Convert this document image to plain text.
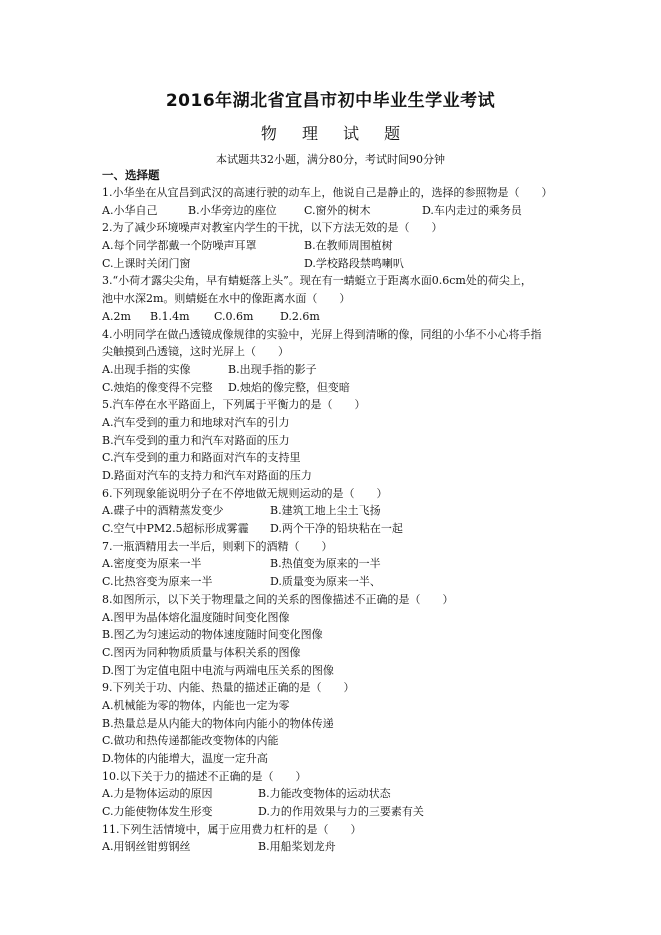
2016年湖北省宜昌市初中毕业生学业考试
物 理 试 题
本试题共32小题，满分80分，考试时间90分钟
一、选择题
1.小华坐在从宜昌到武汉的高速行驶的动车上，他说自己是静止的，选择的参照物是（　　）
A.小华自己	B.小华旁边的座位 C.窗外的树木	D.车内走过的乘务员
2.为了减少环境噪声对教室内学生的干扰，以下方法无效的是（　　）
A.每个同学都戴一个防噪声耳罩	B.在教师周围植树
C.上课时关闭门窗	D.学校路段禁鸣喇叭
3.“小荷才露尖尖角，早有蜻蜓落上头”。现在有一蜻蜓立于距离水面0.6cm处的荷尖上，
池中水深2m。则蜻蜓在水中的像距离水面（　　）
A.2m B.1.4m C.0.6m D.2.6m
4.小明同学在做凸透镜成像规律的实验中，光屏上得到清晰的像，同组的小华不小心将手指
尖触摸到凸透镜，这时光屏上（　　）
A.出现手指的实像	B.出现手指的影子
C.烛焰的像变得不完整 D.烛焰的像完整，但变暗
5.汽车停在水平路面上，下列属于平衡力的是（　　）
A.汽车受到的重力和地球对汽车的引力
B.汽车受到的重力和汽车对路面的压力
C.汽车受到的重力和路面对汽车的支持里
D.路面对汽车的支持力和汽车对路面的压力
6.下列现象能说明分子在不停地做无规则运动的是（　　）
A.碟子中的酒精蒸发变少	B.建筑工地上尘土飞扬
C.空气中PM2.5超标形成雾霾 D.两个干净的铅块粘在一起
7.一瓶酒精用去一半后，则剩下的酒精（　　）
A.密度变为原来一半	B.热值变为原来的一半
C.比热容变为原来一半	D.质量变为原来一半、
8.如图所示，以下关于物理量之间的关系的图像描述不正确的是（　　）
A.图甲为晶体熔化温度随时间变化图像
B.图乙为匀速运动的物体速度随时间变化图像
C.图丙为同种物质质量与体积关系的图像
D.图丁为定值电阻中电流与两端电压关系的图像
9.下列关于功、内能、热量的描述正确的是（　　）
A.机械能为零的物体，内能也一定为零
B.热量总是从内能大的物体向内能小的物体传递
C.做功和热传递都能改变物体的内能
D.物体的内能增大，温度一定升高
10.以下关于力的描述不正确的是（　　）
A.力是物体运动的原因	B.力能改变物体的运动状态
C.力能使物体发生形变	D.力的作用效果与力的三要素有关
11.下列生活情境中，属于应用费力杠杆的是（　　）
A.用钢丝钳剪钢丝	B.用船桨划龙舟
